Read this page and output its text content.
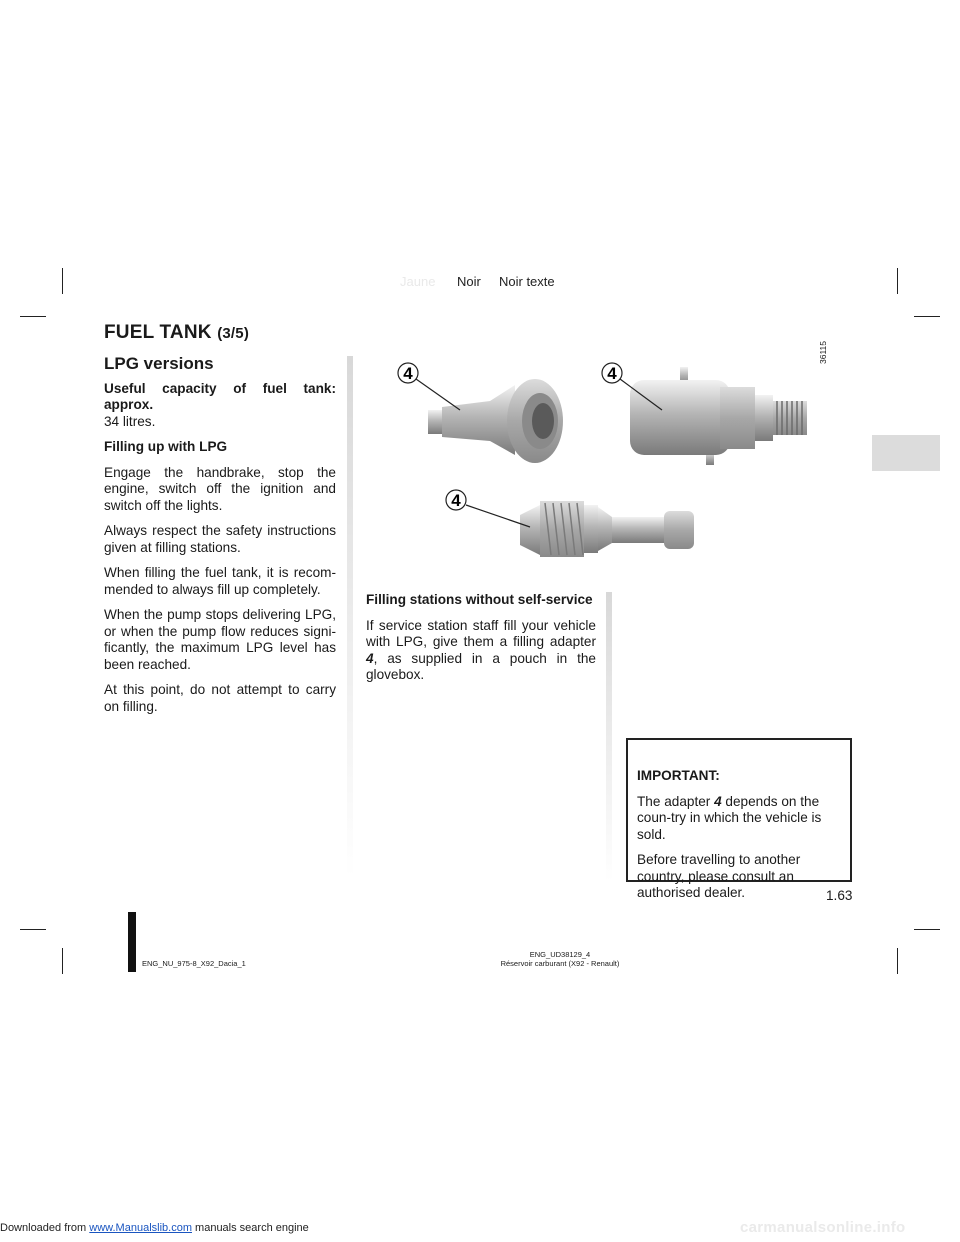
Jaune Noir Noir texte
FUEL TANK (3/5)
LPG versions

Useful capacity of fuel tank: approx.
34 litres.

Filling up with LPG

Engage the handbrake, stop the engine, switch off the ignition and switch off the lights.

Always respect the safety instructions given at filling stations.

When filling the fuel tank, it is recom-mended to always fill up completely.

When the pump stops delivering LPG, or when the pump flow reduces signi-ficantly, the maximum LPG level has been reached.

At this point, do not attempt to carry on filling.

4	4
4
36115

Filling stations without self-service

If service station staff fill your vehicle with LPG, give them a filling adapter 4, as supplied in a pouch in the glovebox.

IMPORTANT:

The adapter 4 depends on the coun-try in which the vehicle is sold.

Before travelling to another country, please consult an authorised dealer.	1.63
ENG_NU_975-8_X92_Dacia_1
ENG_UD38129_4
Réservoir carburant (X92 - Renault)
Downloaded from www.Manualslib.com manuals search engine	carmanualsonline.info
